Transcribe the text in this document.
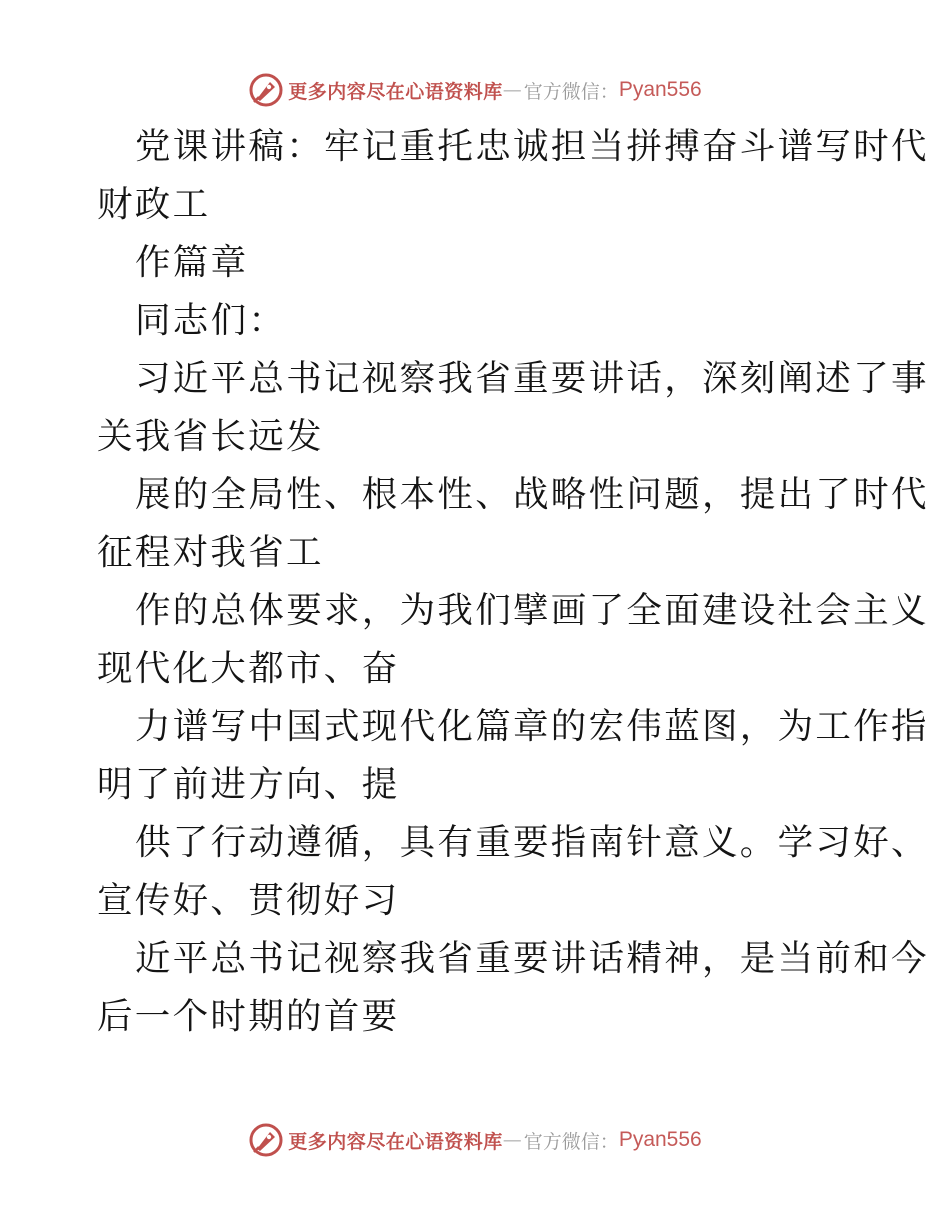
更多内容尽在心语资料库 — 官方微信： Pyan556
党课讲稿：牢记重托忠诚担当拼搏奋斗谱写时代
财政工
作篇章
同志们：
习近平总书记视察我省重要讲话，深刻阐述了事
关我省长远发
展的全局性、根本性、战略性问题，提出了时代
征程对我省工
作的总体要求，为我们擘画了全面建设社会主义
现代化大都市、奋
力谱写中国式现代化篇章的宏伟蓝图，为工作指
明了前进方向、提
供了行动遵循，具有重要指南针意义。学习好、
宣传好、贯彻好习
近平总书记视察我省重要讲话精神，是当前和今
后一个时期的首要
更多内容尽在心语资料库 — 官方微信： Pyan556
